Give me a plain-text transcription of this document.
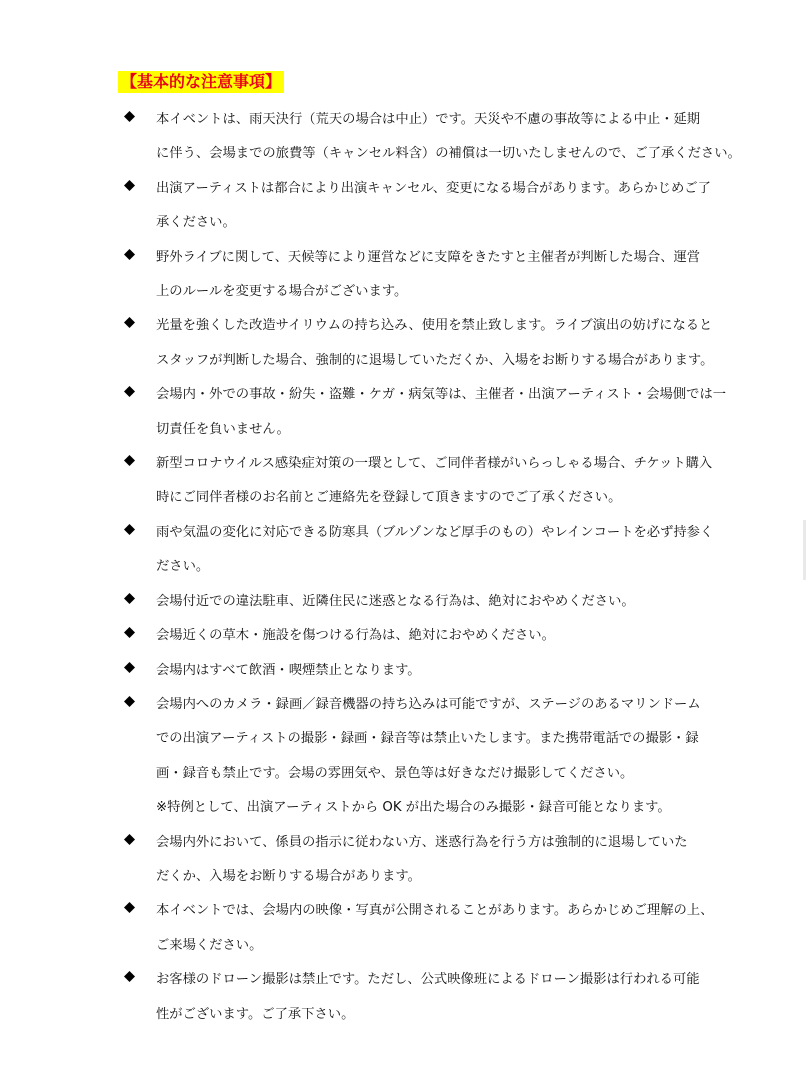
【基本的な注意事項】
本イベントは、雨天決行（荒天の場合は中止）です。天災や不慮の事故等による中止・延期
に伴う、会場までの旅費等（キャンセル料含）の補償は一切いたしませんので、ご了承ください。
出演アーティストは都合により出演キャンセル、変更になる場合があります。あらかじめご了
承ください。
野外ライブに関して、天候等により運営などに支障をきたすと主催者が判断した場合、運営
上のルールを変更する場合がございます。
光量を強くした改造サイリウムの持ち込み、使用を禁止致します。ライブ演出の妨げになると
スタッフが判断した場合、強制的に退場していただくか、入場をお断りする場合があります。
会場内・外での事故・紛失・盗難・ケガ・病気等は、主催者・出演アーティスト・会場側では一
切責任を負いません。
新型コロナウイルス感染症対策の一環として、ご同伴者様がいらっしゃる場合、チケット購入
時にご同伴者様のお名前とご連絡先を登録して頂きますのでご了承ください。
雨や気温の変化に対応できる防寒具（ブルゾンなど厚手のもの）やレインコートを必ず持参く
ださい。
会場付近での違法駐車、近隣住民に迷惑となる行為は、絶対におやめください。
会場近くの草木・施設を傷つける行為は、絶対におやめください。
会場内はすべて飲酒・喫煙禁止となります。
会場内へのカメラ・録画／録音機器の持ち込みは可能ですが、ステージのあるマリンドーム
での出演アーティストの撮影・録画・録音等は禁止いたします。また携帯電話での撮影・録
画・録音も禁止です。会場の雰囲気や、景色等は好きなだけ撮影してください。
※特例として、出演アーティストから OK が出た場合のみ撮影・録音可能となります。
会場内外において、係員の指示に従わない方、迷惑行為を行う方は強制的に退場していた
だくか、入場をお断りする場合があります。
本イベントでは、会場内の映像・写真が公開されることがあります。あらかじめご理解の上、
ご来場ください。
お客様のドローン撮影は禁止です。ただし、公式映像班によるドローン撮影は行われる可能
性がございます。ご了承下さい。
